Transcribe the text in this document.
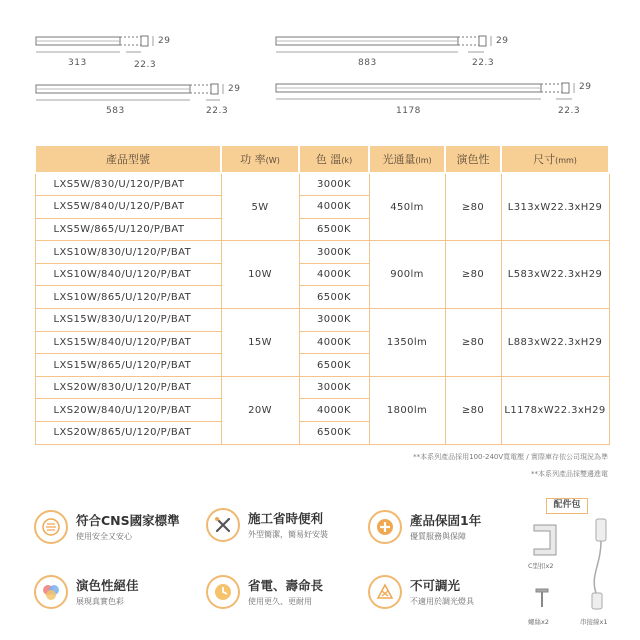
313	22.3
29
883	22.3
29
583	22.3
29
1178	22.3
29
產品型號	功 率(W)	色 溫(k)	光通量(lm)	演色性	尺寸(mm)
LXS5W/830/U/120/P/BAT	5W	3000K	450lm	≥80	L313xW22.3xH29
LXS5W/840/U/120/P/BAT		4000K			
LXS5W/865/U/120/P/BAT		6500K			
LXS10W/830/U/120/P/BAT	10W	3000K	900lm	≥80	L583xW22.3xH29
LXS10W/840/U/120/P/BAT		4000K			
LXS10W/865/U/120/P/BAT		6500K			
LXS15W/830/U/120/P/BAT	15W	3000K	1350lm	≥80	L883xW22.3xH29
LXS15W/840/U/120/P/BAT		4000K			
LXS15W/865/U/120/P/BAT		6500K			
LXS20W/830/U/120/P/BAT	20W	3000K	1800lm	≥80	L1178xW22.3xH29
LXS20W/840/U/120/P/BAT		4000K			
LXS20W/865/U/120/P/BAT		6500K			
**本系列產品採用100-240V寬電壓 / 實際庫存依公司現況為準
**本系列產品採雙邊進電
符合CNS國家標準
使用安全又安心
施工省時便利
外型簡潔，簡易好安裝
產品保固1年
優質服務與保障
演色性絕佳
展現真實色彩
省電、壽命長
使用更久、更耐用
不可調光
不適用於調光燈具
配件包
C型扣x2
螺絲x2	串接線x1
